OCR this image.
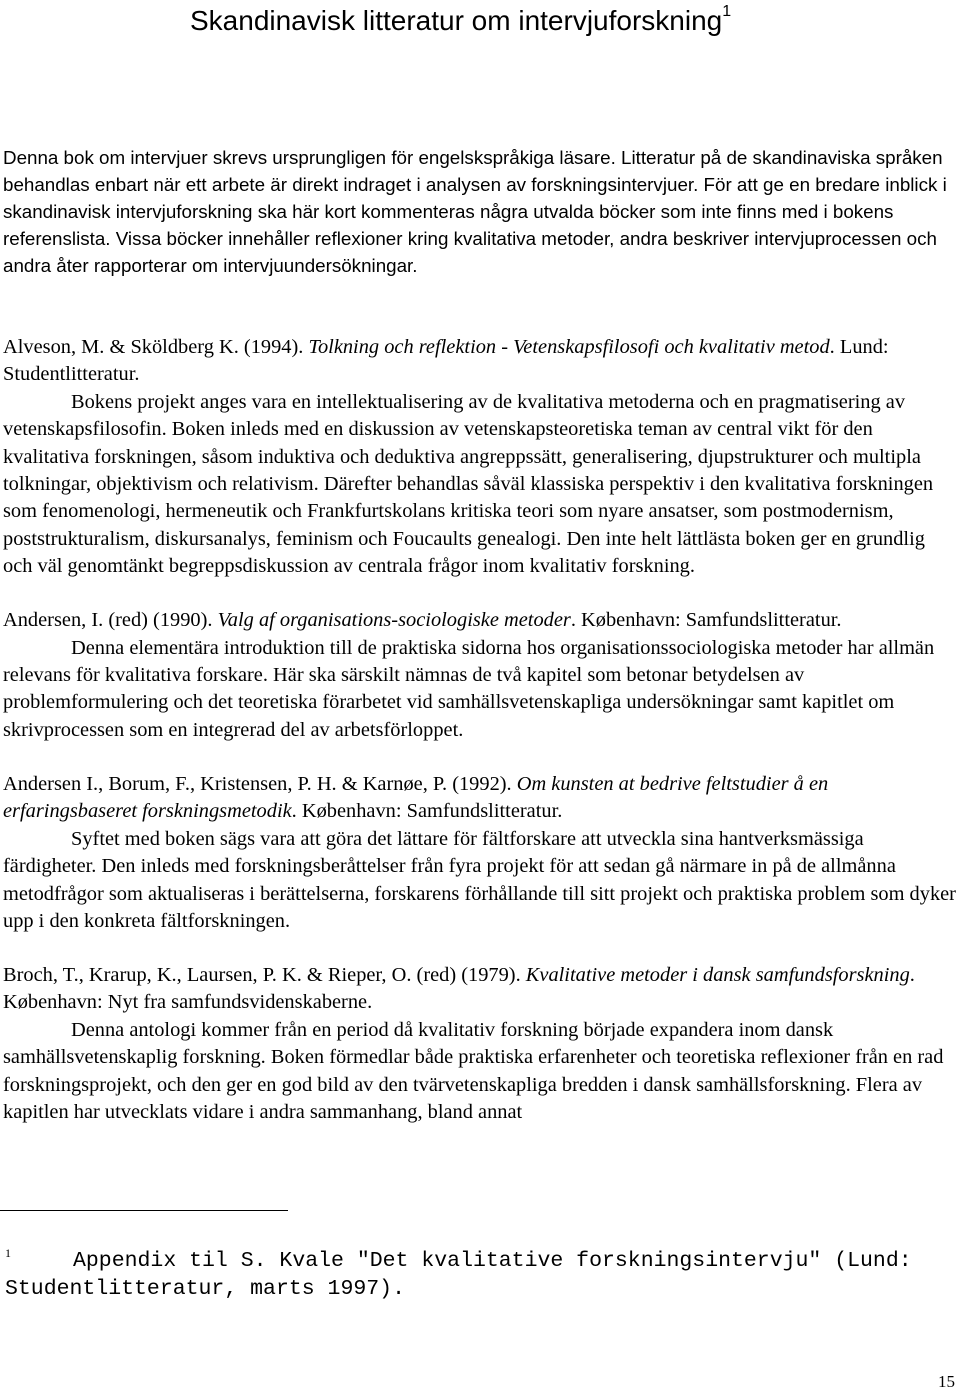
Skandinavisk litteratur om intervjuforskning$^1$

Denna bok om intervjuer skrevs ursprungligen för engelskspråkiga läsare. Litteratur på de skandinaviska språken behandlas enbart när ett arbete är direkt indraget i analysen av forskningsintervjuer. För att ge en bredare inblick i skandinavisk intervjuforskning ska här kort kommenteras några utvalda böcker som inte finns med i bokens referenslista. Vissa böcker innehåller reflexioner kring kvalitativa metoder, andra beskriver intervjuprocessen och andra åter rapporterar om intervjuundersökningar.

Alveson, M. & Sköldberg K. (1994). Tolkning och reflektion - Vetenskapsfilosofi och kvalitativ metod. Lund: Studentlitteratur.

Bokens projekt anges vara en intellektualisering av de kvalitativa metoderna och en pragmatisering av vetenskapsfilosofin. Boken inleds med en diskussion av vetenskapsteoretiska teman av central vikt för den kvalitativa forskningen, såsom induktiva och deduktiva angreppssätt, generalisering, djupstrukturer och multipla tolkningar, objektivism och relativism. Därefter behandlas såväl klassiska perspektiv i den kvalitativa forskningen som fenomenologi, hermeneutik och Frankfurtskolans kritiska teori som nyare ansatser, som postmodernism, poststrukturalism, diskursanalys, feminism och Foucaults genealogi. Den inte helt lättlästa boken ger en grundlig och väl genomtänkt begreppsdiskussion av centrala frågor inom kvalitativ forskning.

Andersen, I. (red) (1990). Valg af organisations-sociologiske metoder. København: Samfundslitteratur.

Denna elementära introduktion till de praktiska sidorna hos organisationssociologiska metoder har allmän relevans för kvalitativa forskare. Här ska särskilt nämnas de två kapitel som betonar betydelsen av problemformulering och det teoretiska förarbetet vid samhällsvetenskapliga undersökningar samt kapitlet om skrivprocessen som en integrerad del av arbetsförloppet.

Andersen I., Borum, F., Kristensen, P. H. & Karnøe, P. (1992). Om kunsten at bedrive feltstudier å en erfaringsbaseret forskningsmetodik. København: Samfundslitteratur.

Syftet med boken sägs vara att göra det lättare för fältforskare att utveckla sina hantverksmässiga färdigheter. Den inleds med forskningsberåttelser från fyra projekt för att sedan gå närmare in på de allmånna metodfrågor som aktualiseras i berättelserna, forskarens förhållande till sitt projekt och praktiska problem som dyker upp i den konkreta fältforskningen.

Broch, T., Krarup, K., Laursen, P. K. & Rieper, O. (red) (1979). Kvalitative metoder i dansk samfundsforskning. København: Nyt fra samfundsvidenskaberne.

Denna antologi kommer från en period då kvalitativ forskning började expandera inom dansk samhällsvetenskaplig forskning. Boken förmedlar både praktiska erfarenheter och teoretiska reflexioner från en rad forskningsprojekt, och den ger en god bild av den tvärvetenskapliga bredden i dansk samhällsforskning. Flera av kapitlen har utvecklats vidare i andra sammanhang, bland annat

1	Appendix til S. Kvale "Det kvalitative forskningsintervju" (Lund: Studentlitteratur, marts 1997).

15
